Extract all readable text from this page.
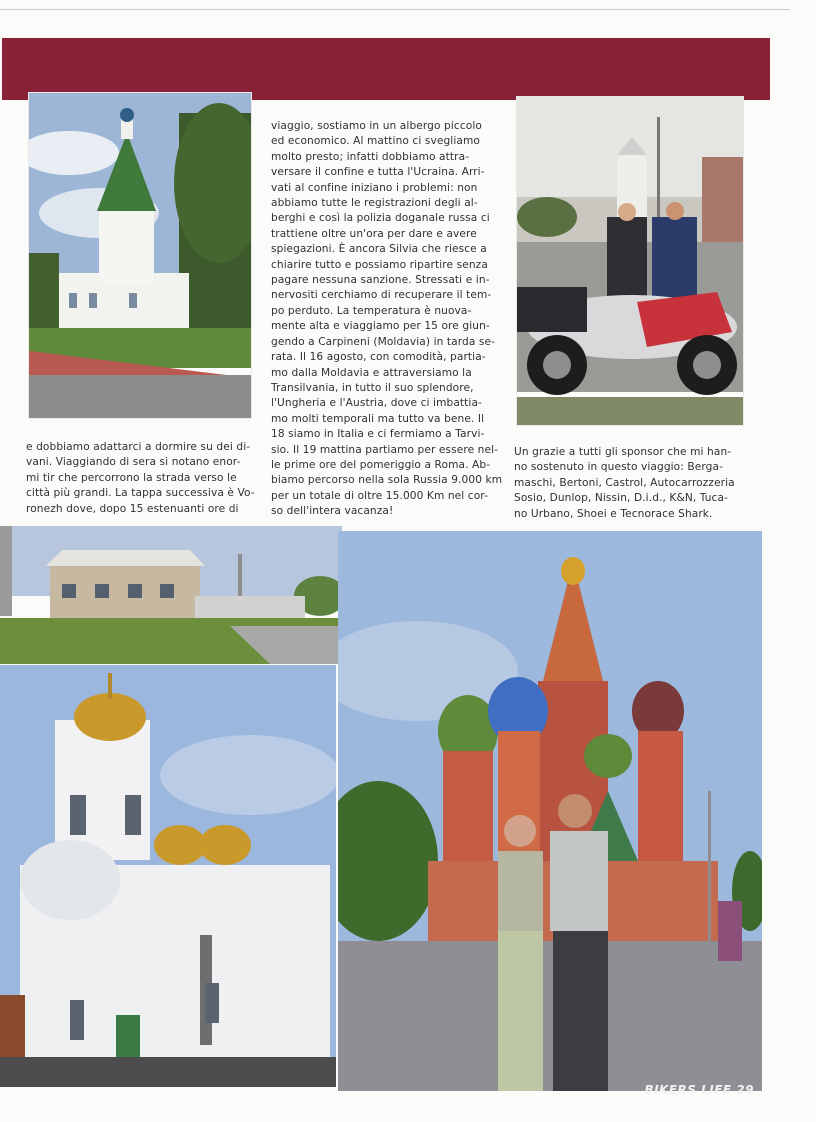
viaggio, sostiamo in un albergo piccolo
ed economico. Al mattino ci svegliamo
molto presto; infatti dobbiamo attra-
versare il confine e tutta l'Ucraina. Arri-
vati al confine iniziano i problemi: non
abbiamo tutte le registrazioni degli al-
berghi e così la polizia doganale russa ci
trattiene oltre un'ora per dare e avere
spiegazioni. È ancora Silvia che riesce a
chiarire tutto e possiamo ripartire senza
pagare nessuna sanzione. Stressati e in-
nervositi cerchiamo di recuperare il tem-
po perduto. La temperatura è nuova-
mente alta e viaggiamo per 15 ore giun-
gendo a Carpineni (Moldavia) in tarda se-
rata. Il 16 agosto, con comodità, partia-
mo dalla Moldavia e attraversiamo la
Transilvania, in tutto il suo splendore,
l'Ungheria e l'Austria, dove ci imbattia-
mo molti temporali ma tutto va bene. Il
18 siamo in Italia e ci fermiamo a Tarvi-
sio. Il 19 mattina partiamo per essere nel-
le prime ore del pomeriggio a Roma. Ab-
biamo percorso nella sola Russia 9.000 km
per un totale di oltre 15.000 Km nel cor-
so dell'intera vacanza!
e dobbiamo adattarci a dormire su dei di-
vani. Viaggiando di sera si notano enor-
mi tir che percorrono la strada verso le
città più grandi. La tappa successiva è Vo-
ronezh dove, dopo 15 estenuanti ore di
Un grazie a tutti gli sponsor che mi han-
no sostenuto in questo viaggio: Berga-
maschi, Bertoni, Castrol, Autocarrozzeria
Sosio, Dunlop, Nissin, D.i.d., K&N, Tuca-
no Urbano, Shoei e Tecnorace Shark.
BIKERS LIFE 29
